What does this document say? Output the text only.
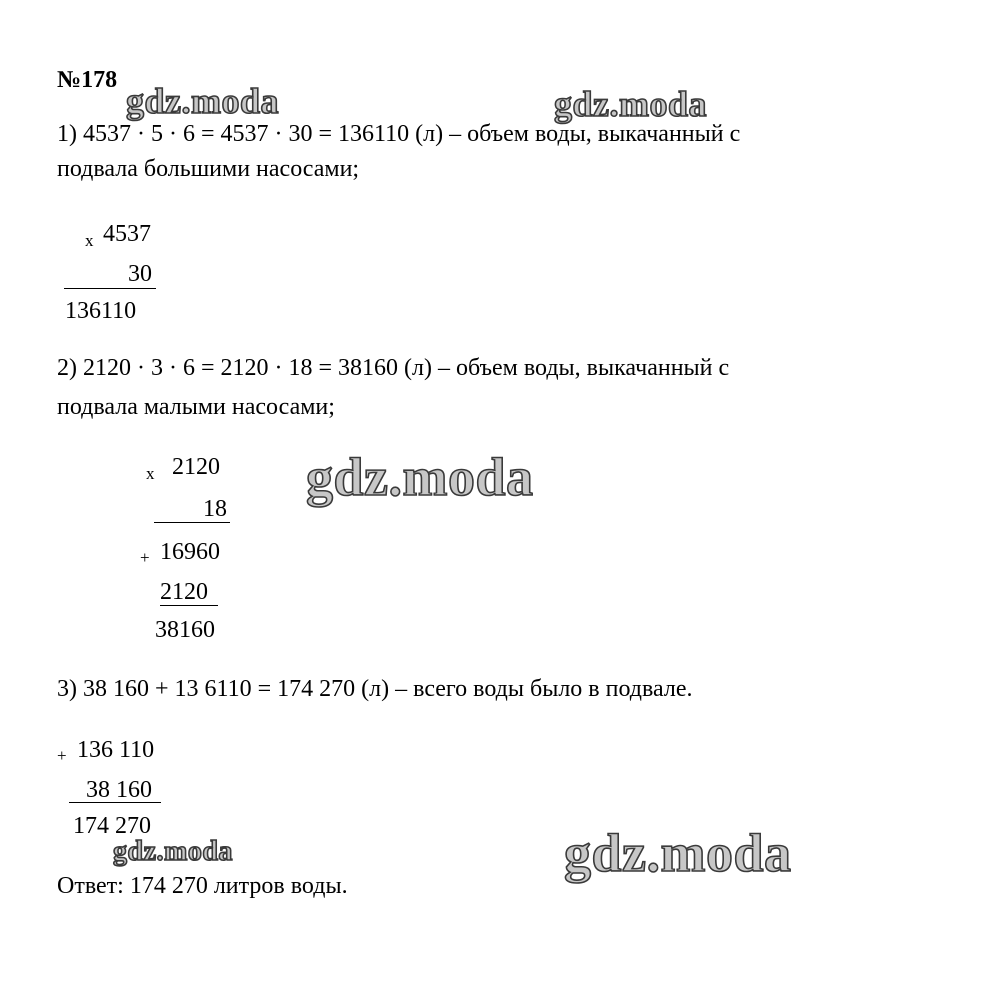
gdz.moda	gdz.moda
gdz.moda
gdz.moda	gdz.moda
№178
1) 4537 · 5 · 6 = 4537 · 30 = 136110 (л) – объем воды, выкачанный с
подвала большими насосами;
x 4537
30
136110
2) 2120 · 3 · 6 = 2120 · 18 = 38160 (л) – объем воды, выкачанный с
подвала малыми насосами;
x 2120
18
+ 16960
2120
38160
3) 38 160 + 13 6110 = 174 270 (л) – всего воды было в подвале.
+ 136 110
38 160
174 270
Ответ: 174 270 литров воды.
